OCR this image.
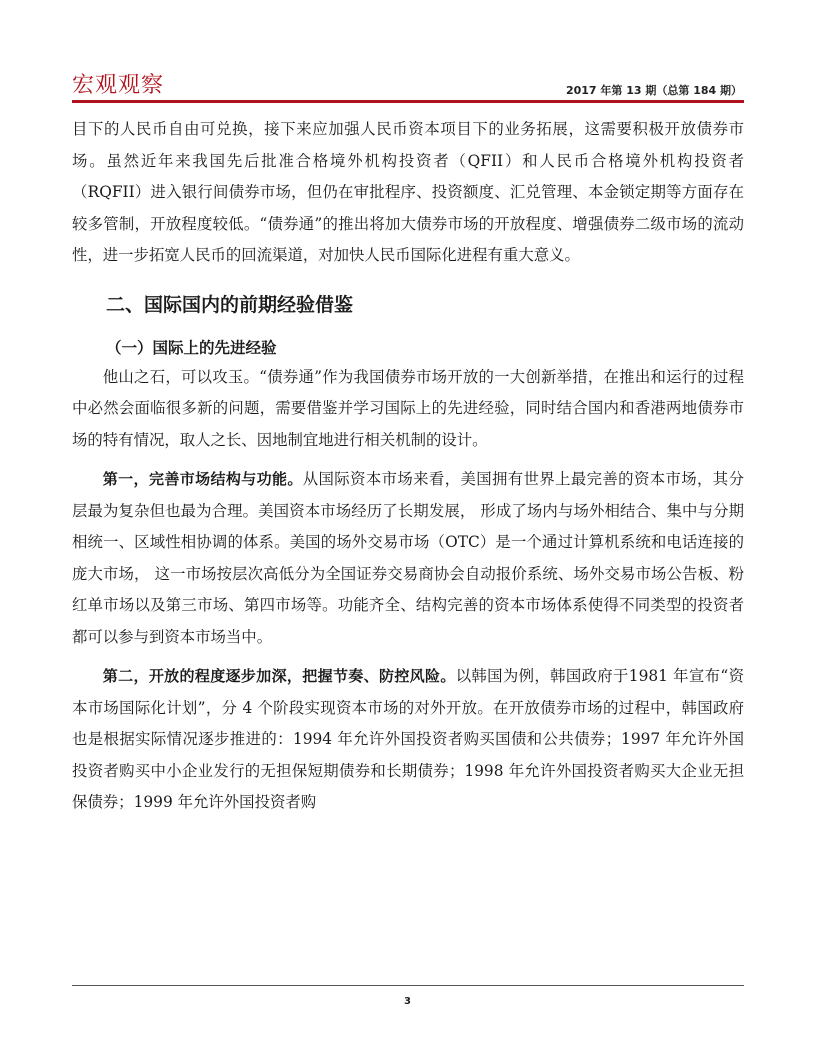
宏观观察	2017 年第 13 期（总第 184 期）

目下的人民币自由可兑换，接下来应加强人民币资本项目下的业务拓展，这需要积极开放债券市场。虽然近年来我国先后批准合格境外机构投资者（QFII）和人民币合格境外机构投资者（RQFII）进入银行间债券市场，但仍在审批程序、投资额度、汇兑管理、本金锁定期等方面存在较多管制，开放程度较低。“债券通”的推出将加大债券市场的开放程度、增强债券二级市场的流动性，进一步拓宽人民币的回流渠道，对加快人民币国际化进程有重大意义。

二、国际国内的前期经验借鉴
（一）国际上的先进经验

他山之石，可以攻玉。“债券通”作为我国债券市场开放的一大创新举措，在推出和运行的过程中必然会面临很多新的问题，需要借鉴并学习国际上的先进经验，同时结合国内和香港两地债券市场的特有情况，取人之长、因地制宜地进行相关机制的设计。

第一，完善市场结构与功能。从国际资本市场来看，美国拥有世界上最完善的资本市场，其分层最为复杂但也最为合理。美国资本市场经历了长期发展， 形成了场内与场外相结合、集中与分期相统一、区域性相协调的体系。美国的场外交易市场（OTC）是一个通过计算机系统和电话连接的庞大市场， 这一市场按层次高低分为全国证券交易商协会自动报价系统、场外交易市场公告板、粉红单市场以及第三市场、第四市场等。功能齐全、结构完善的资本市场体系使得不同类型的投资者都可以参与到资本市场当中。

第二，开放的程度逐步加深，把握节奏、防控风险。以韩国为例，韩国政府于1981 年宣布“资本市场国际化计划”，分 4 个阶段实现资本市场的对外开放。在开放债券市场的过程中，韩国政府也是根据实际情况逐步推进的：1994 年允许外国投资者购买国债和公共债券；1997 年允许外国投资者购买中小企业发行的无担保短期债券和长期债券；1998 年允许外国投资者购买大企业无担保债券；1999 年允许外国投资者购

3
